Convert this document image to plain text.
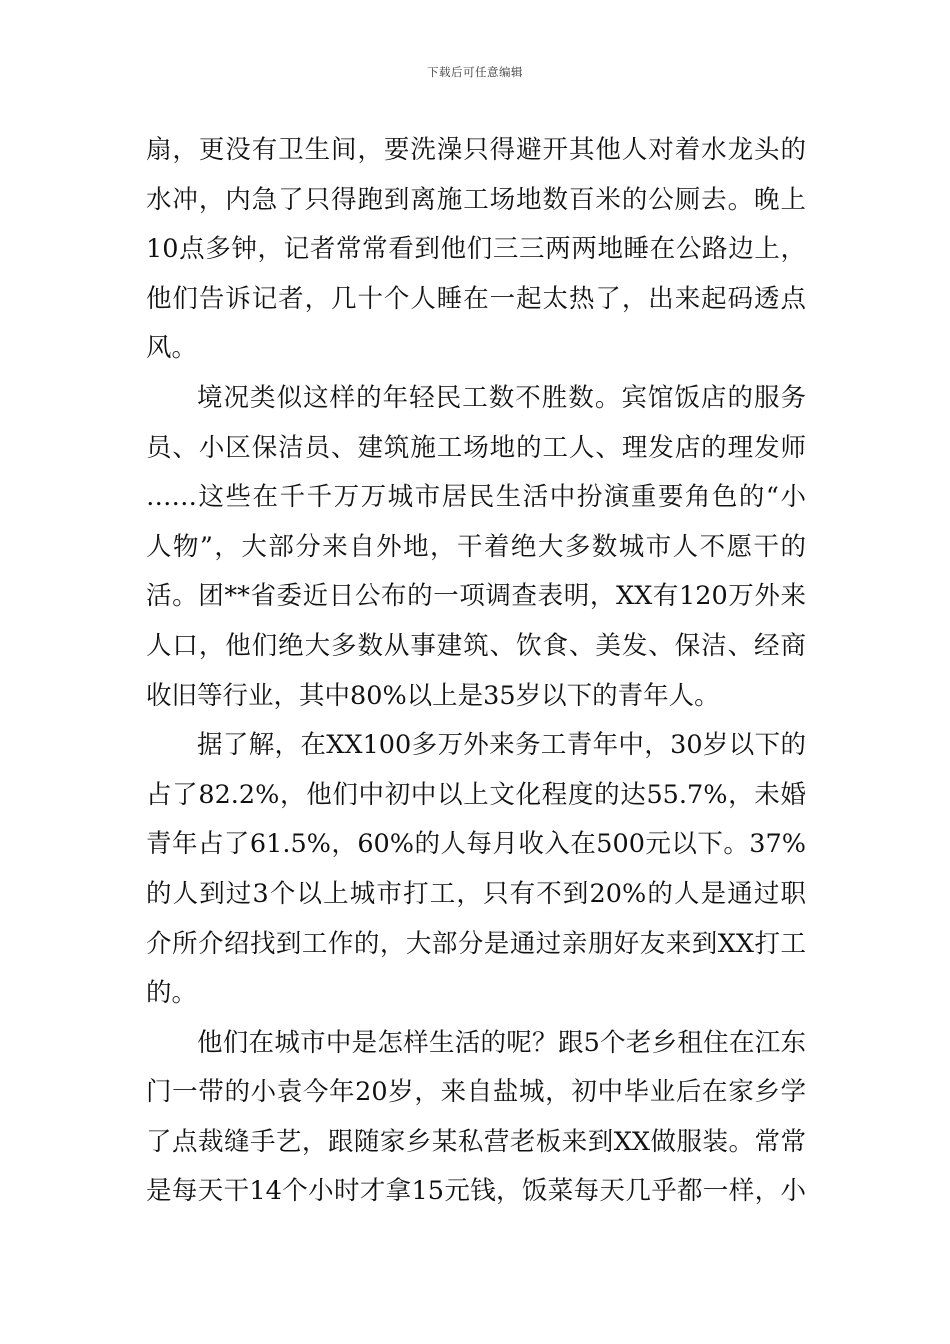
下载后可任意编辑
扇，更没有卫生间，要洗澡只得避开其他人对着水龙头的
水冲，内急了只得跑到离施工场地数百米的公厕去。晚上
10点多钟，记者常常看到他们三三两两地睡在公路边上，
他们告诉记者，几十个人睡在一起太热了，出来起码透点
风。
境况类似这样的年轻民工数不胜数。宾馆饭店的服务
员、小区保洁员、建筑施工场地的工人、理发店的理发师
……这些在千千万万城市居民生活中扮演重要角色的“小
人物”，大部分来自外地，干着绝大多数城市人不愿干的
活。团**省委近日公布的一项调查表明，XX有120万外来
人口，他们绝大多数从事建筑、饮食、美发、保洁、经商
收旧等行业，其中80%以上是35岁以下的青年人。
据了解，在XX100多万外来务工青年中，30岁以下的
占了82.2%，他们中初中以上文化程度的达55.7%，未婚
青年占了61.5%，60%的人每月收入在500元以下。37%
的人到过3个以上城市打工，只有不到20%的人是通过职
介所介绍找到工作的，大部分是通过亲朋好友来到XX打工
的。
他们在城市中是怎样生活的呢？跟5个老乡租住在江东
门一带的小袁今年20岁，来自盐城，初中毕业后在家乡学
了点裁缝手艺，跟随家乡某私营老板来到XX做服装。常常
是每天干14个小时才拿15元钱，饭菜每天几乎都一样，小
